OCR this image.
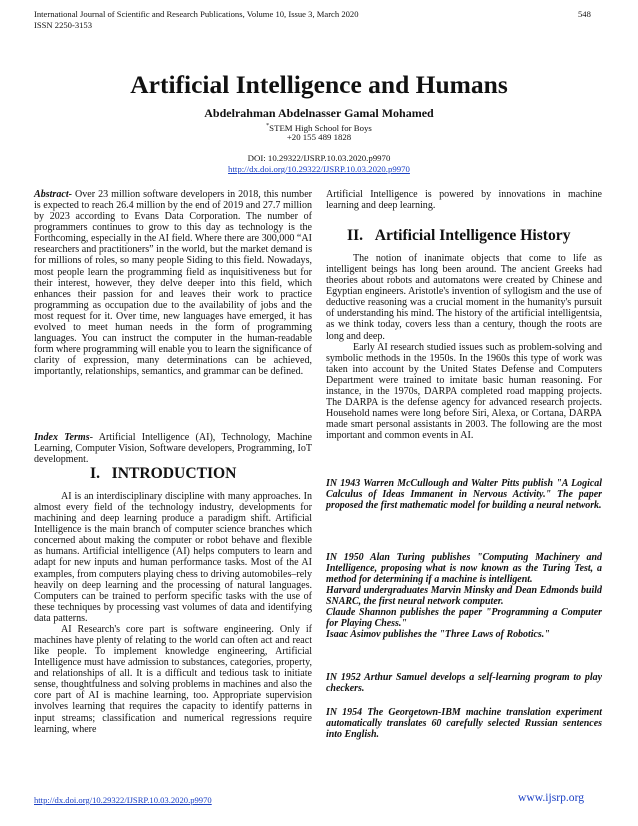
International Journal of Scientific and Research Publications, Volume 10, Issue 3, March 2020
ISSN 2250-3153
548
Artificial Intelligence and Humans
Abdelrahman Abdelnasser Gamal Mohamed
*STEM High School for Boys
+20 155 489 1828
DOI: 10.29322/IJSRP.10.03.2020.p9970
http://dx.doi.org/10.29322/IJSRP.10.03.2020.p9970

Abstract- Over 23 million software developers in 2018, this number is expected to reach 26.4 million by the end of 2019 and 27.7 million by 2023 according to Evans Data Corporation. The number of programmers continues to grow to this day as technology is the Forthcoming, especially in the AI field. Where there are 300,000 “AI researchers and practitioners” in the world, but the market demand is for millions of roles, so many people Siding to this field. Nowadays, most people learn the programming field as inquisitiveness but for their interest, however, they delve deeper into this field, which enhances their passion for and leaves their work to practice programming as occupation due to the availability of jobs and the most request for it. Over time, new languages have emerged, it has evolved to meet human needs in the form of programming languages. You can instruct the computer in the human-readable form where programming will enable you to learn the significance of clarity of expression, many determinations can be achieved, importantly, relationships, semantics, and grammar can be defined.

Index Terms- Artificial Intelligence (AI), Technology, Machine Learning, Computer Vision, Software developers, Programming, IoT development.

I. INTRODUCTION

AI is an interdisciplinary discipline with many approaches. In almost every field of the technology industry, developments for machining and deep learning produce a paradigm shift. Artificial Intelligence is the main branch of computer science branches which concerned about making the computer or robot behave and flexible as humans. Artificial intelligence (AI) helps computers to learn and adapt for new inputs and human performance tasks. Most of the AI examples, from computers playing chess to driving automobiles–rely heavily on deep learning and the processing of natural languages. Computers can be trained to perform specific tasks with the use of these techniques by processing vast volumes of data and identifying data patterns.

AI Research's core part is software engineering. Only if machines have plenty of relating to the world can often act and react like people. To implement knowledge engineering, Artificial Intelligence must have admission to substances, categories, property, and relationships of all. It is a difficult and tedious task to initiate sense, thoughtfulness and solving problems in machines and also the core part of AI is machine learning, too. Appropriate supervision involves learning that requires the capacity to identify patterns in input streams; classification and numerical regressions require learning, where

Artificial Intelligence is powered by innovations in machine learning and deep learning.

II. Artificial Intelligence History

The notion of inanimate objects that come to life as intelligent beings has long been around. The ancient Greeks had theories about robots and automatons were created by Chinese and Egyptian engineers. Aristotle's invention of syllogism and the use of deductive reasoning was a crucial moment in the humanity's pursuit of understanding his mind. The history of the artificial intelligentsia, as we think today, covers less than a century, though the roots are long and deep.

Early AI research studied issues such as problem-solving and symbolic methods in the 1950s. In the 1960s this type of work was taken into account by the United States Defense and Computers Department were trained to imitate basic human reasoning. For instance, in the 1970s, DARPA completed road mapping projects. The DARPA is the defense agency for advanced research projects. Household names were long before Siri, Alexa, or Cortana, DARPA made smart personal assistants in 2003. The following are the most important and common events in AI.

IN 1943 Warren McCullough and Walter Pitts publish "A Logical Calculus of Ideas Immanent in Nervous Activity." The paper proposed the first mathematic model for building a neural network.

IN 1950 Alan Turing publishes "Computing Machinery and Intelligence, proposing what is now known as the Turing Test, a method for determining if a machine is intelligent.

Harvard undergraduates Marvin Minsky and Dean Edmonds build SNARC, the first neural network computer.

Claude Shannon publishes the paper "Programming a Computer for Playing Chess."

Isaac Asimov publishes the "Three Laws of Robotics."

IN 1952 Arthur Samuel develops a self-learning program to play checkers.

IN 1954 The Georgetown-IBM machine translation experiment automatically translates 60 carefully selected Russian sentences into English.

http://dx.doi.org/10.29322/IJSRP.10.03.2020.p9970	www.ijsrp.org
